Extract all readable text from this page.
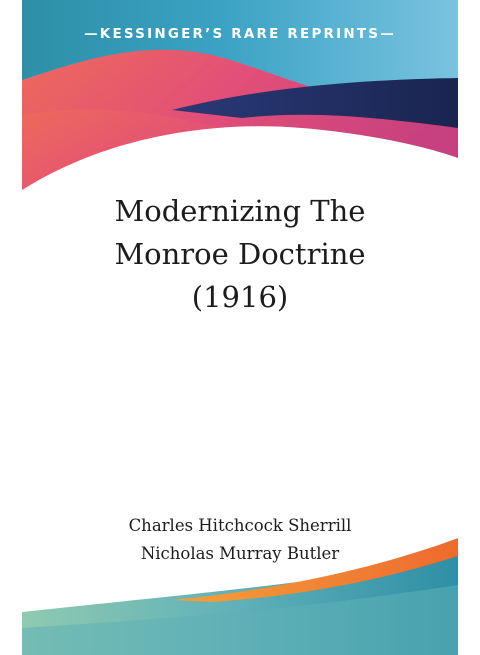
—KESSINGER’S RARE REPRINTS—
Modernizing The
Monroe Doctrine
(1916)
Charles Hitchcock Sherrill
Nicholas Murray Butler
